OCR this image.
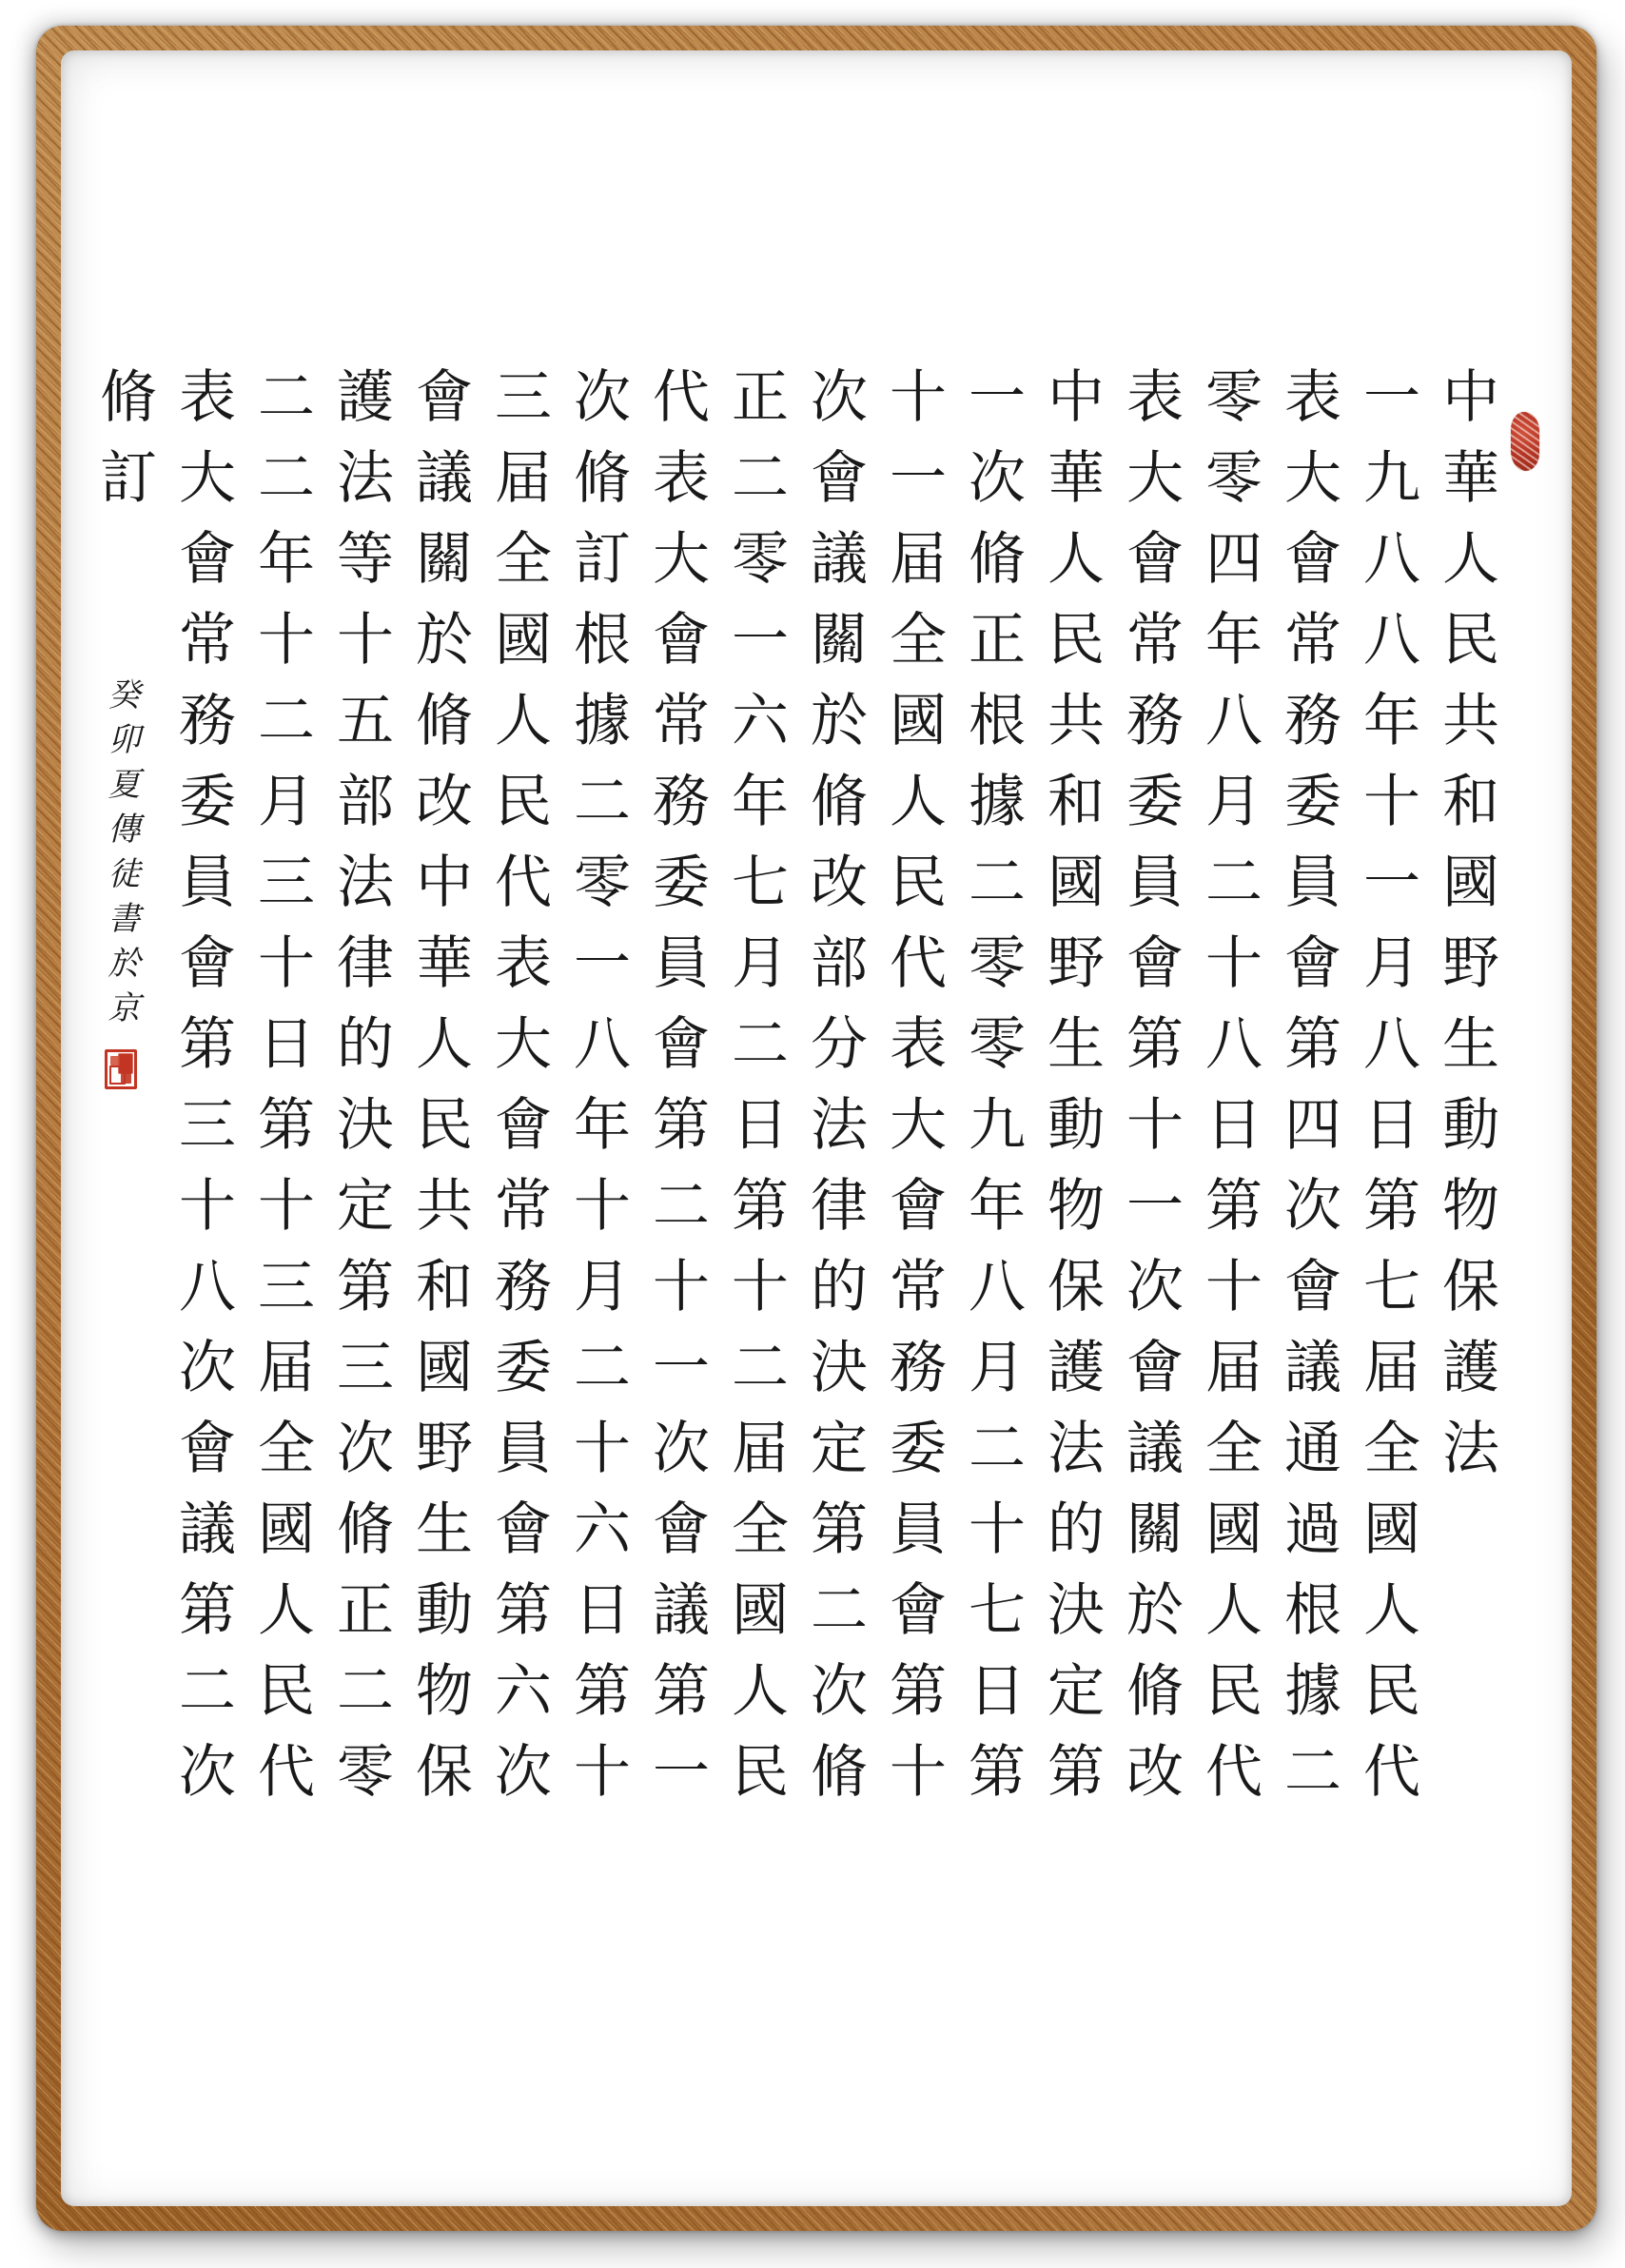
中華人民共和國野生動物保護法
一九八八年十一月八日第七届全國人民代
表大會常務委員會第四次會議通過根據二
零零四年八月二十八日第十届全國人民代
表大會常務委員會第十一次會議關於脩改
中華人民共和國野生動物保護法的決定第
一次脩正根據二零零九年八月二十七日第
十一届全國人民代表大會常務委員會第十
次會議關於脩改部分法律的決定第二次脩
正二零一六年七月二日第十二届全國人民
代表大會常務委員會第二十一次會議第一
次脩訂根據二零一八年十月二十六日第十
三届全國人民代表大會常務委員會第六次
會議關於脩改中華人民共和國野生動物保
護法等十五部法律的決定第三次脩正二零
二二年十二月三十日第十三届全國人民代
表大會常務委員會第三十八次會議第二次
脩訂
癸卯夏傳徒書於京
